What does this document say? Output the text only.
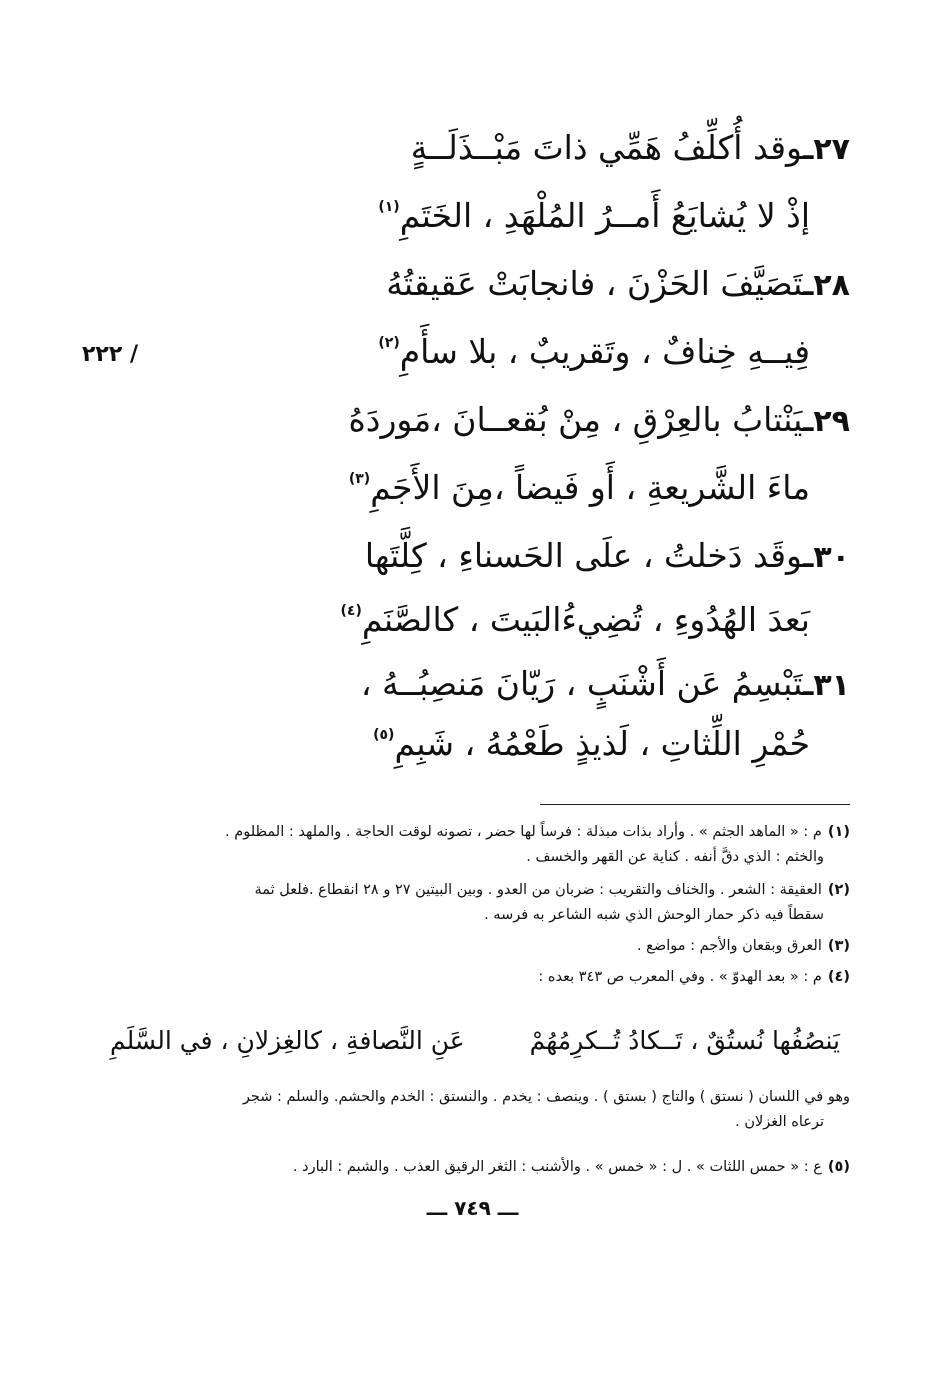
٢٧ـوقد أُكلِّفُ هَمِّي ذاتَ مَبْــذَلَــةٍ
إذْ لا يُشايَعُ أَمــرُ المُلْهَدِ ، الخَتَمِ(١)
٢٨ـتَصَيَّفَ الحَزْنَ ، فانجابَتْ عَقيقتُهُ
فِيــهِ خِنافٌ ، وتَقريبٌ ، بلا سأَمِ(٢)
/ ٢٢٢
٢٩ـيَنْتابُ بالعِرْقِ ، مِنْ بُقعــانَ ،مَوردَهُ
ماءَ الشَّريعةِ ، أَو فَيضاً ،مِنَ الأَجَمِ(٣)
٣٠ـوقَد دَخلتُ ، علَى الحَسناءِ ، كِلَّتَها
بَعدَ الهُدُوءِ ، تُضِيءُالبَيتَ ، كالصَّنَمِ(٤)
٣١ـتَبْسِمُ عَن أَشْنَبٍ ، رَيّانَ مَنصِبُــهُ ،
حُمْرِ اللِّثاتِ ، لَذيذٍ طَعْمُهُ ، شَبِمِ(٥)
(١)م : « الماهد الجثم » . وأراد بذات مبذلة : فرساً لها حضر ، تصونه لوقت الحاجة . والملهد : المظلوم .
والخثم : الذي دقَّ أنفه . كناية عن القهر والخسف .
(٢)العقيقة : الشعر . والخناف والتقريب : ضربان من العدو . وبين البيتين ٢٧ و ٢٨ انقطاع .فلعل ثمة
سقطاً فيه ذكر حمار الوحش الذي شبه الشاعر به فرسه .
(٣)العرق وبقعان والأجم : مواضع .
(٤)م : « بعد الهدوّ » . وفي المعرب ص ٣٤٣ بعده :
يَنصُفُها نُستُقٌ ، تَــكادُ تُــكرِمُهُمْ
عَنِ النَّصافةِ ، كالغِزلانِ ، في السَّلَمِ
وهو في اللسان ( نستق ) والتاج ( بستق ) . وينصف : يخدم . والنستق : الخدم والحشم. والسلم : شجر
ترعاه الغزلان .
(٥)ع : « حمس اللثات » . ل : « خمس » . والأشنب : الثغر الرقيق العذب . والشبم : البارد .
ـــ ٧٤٩ ـــ
